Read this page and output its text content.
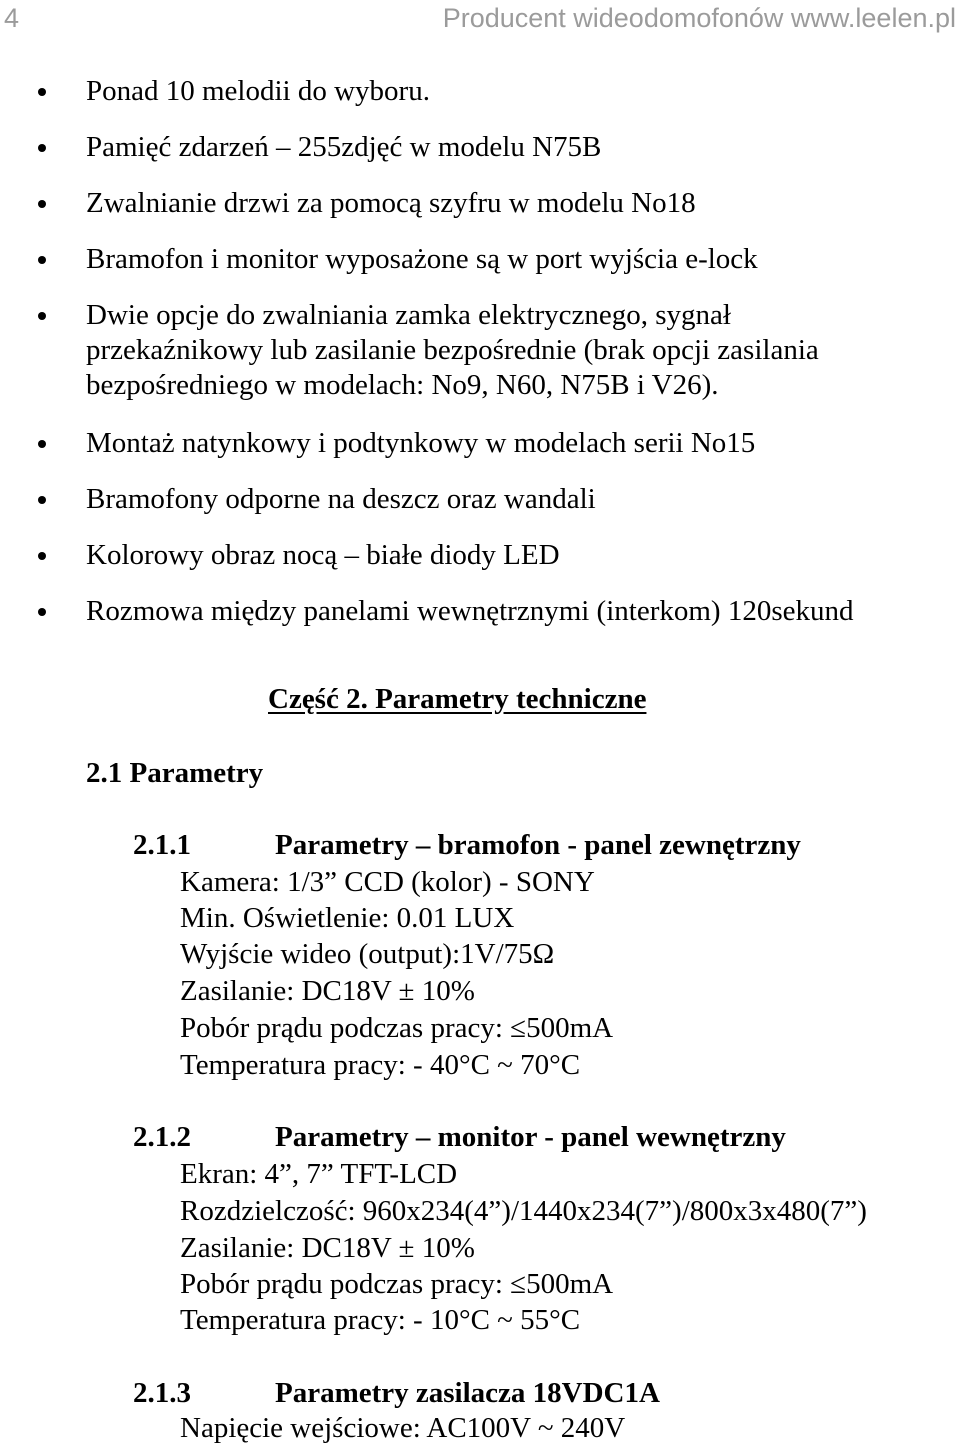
4	Producent wideodomofonów www.leelen.pl
Ponad 10 melodii do wyboru.
Pamięć zdarzeń – 255zdjęć w modelu N75B
Zwalnianie drzwi za pomocą szyfru w modelu No18
Bramofon i monitor wyposażone są w port wyjścia e-lock
Dwie opcje do zwalniania zamka elektrycznego, sygnał przekaźnikowy lub zasilanie bezpośrednie (brak opcji zasilania bezpośredniego w modelach: No9, N60, N75B i V26).
Montaż natynkowy i podtynkowy w modelach serii No15
Bramofony odporne na deszcz oraz wandali
Kolorowy obraz nocą – białe diody LED
Rozmowa między panelami wewnętrznymi (interkom) 120sekund
Część 2. Parametry techniczne
2.1 Parametry
2.1.1	Parametry – bramofon - panel zewnętrzny
Kamera: 1/3” CCD (kolor) - SONY
Min. Oświetlenie: 0.01 LUX
Wyjście wideo (output):1V/75Ω
Zasilanie: DC18V ± 10%
Pobór prądu podczas pracy: ≤500mA
Temperatura pracy: - 40°C ~ 70°C
2.1.2	Parametry – monitor - panel wewnętrzny
Ekran: 4”, 7” TFT-LCD
Rozdzielczość: 960x234(4”)/1440x234(7”)/800x3x480(7”)
Zasilanie: DC18V ± 10%
Pobór prądu podczas pracy: ≤500mA
Temperatura pracy: - 10°C ~ 55°C
2.1.3	Parametry zasilacza 18VDC1A
Napięcie wejściowe: AC100V ~ 240V
